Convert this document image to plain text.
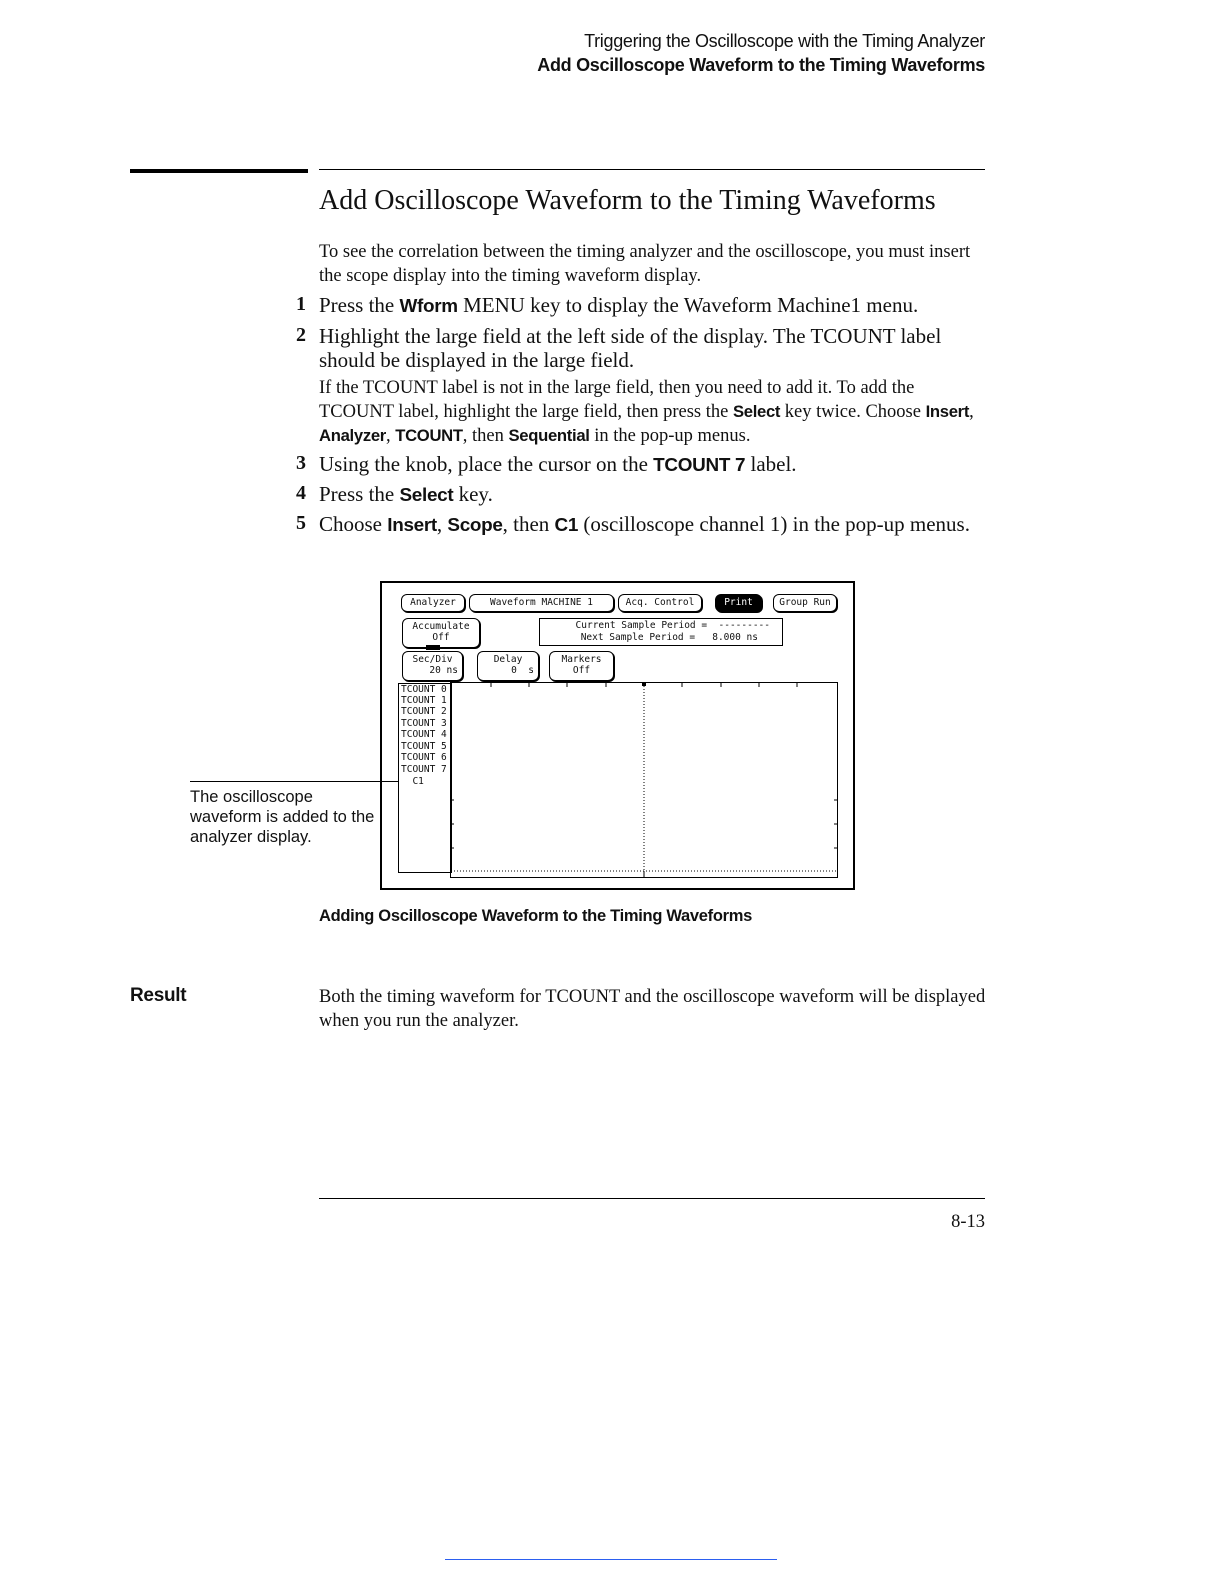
Triggering the Oscilloscope with the Timing Analyzer
Add Oscilloscope Waveform to the Timing Waveforms
Add Oscilloscope Waveform to the Timing Waveforms
To see the correlation between the timing analyzer and the oscilloscope, you must insert the scope display into the timing waveform display.
1 Press the Wform MENU key to display the Waveform Machine1 menu.
2 Highlight the large field at the left side of the display. The TCOUNT label should be displayed in the large field.
If the TCOUNT label is not in the large field, then you need to add it. To add the TCOUNT label, highlight the large field, then press the Select key twice. Choose Insert, Analyzer, TCOUNT, then Sequential in the pop-up menus.
3 Using the knob, place the cursor on the TCOUNT 7 label.
4 Press the Select key.
5 Choose Insert, Scope, then C1 (oscilloscope channel 1) in the pop-up menus.
Analyzer	Waveform MACHINE 1	Acq. Control	Print	Group Run
Accumulate
Off
Current Sample Period =  ---------
Next Sample Period =   8.000 ns
Sec/Div
20 ns
Delay
0  s
Markers
Off
TCOUNT 0
TCOUNT 1
TCOUNT 2
TCOUNT 3
TCOUNT 4
TCOUNT 5
TCOUNT 6
TCOUNT 7
C1
The oscilloscope waveform is added to the analyzer display.
Adding Oscilloscope Waveform to the Timing Waveforms
Result	Both the timing waveform for TCOUNT and the oscilloscope waveform will be displayed when you run the analyzer.
8-13
